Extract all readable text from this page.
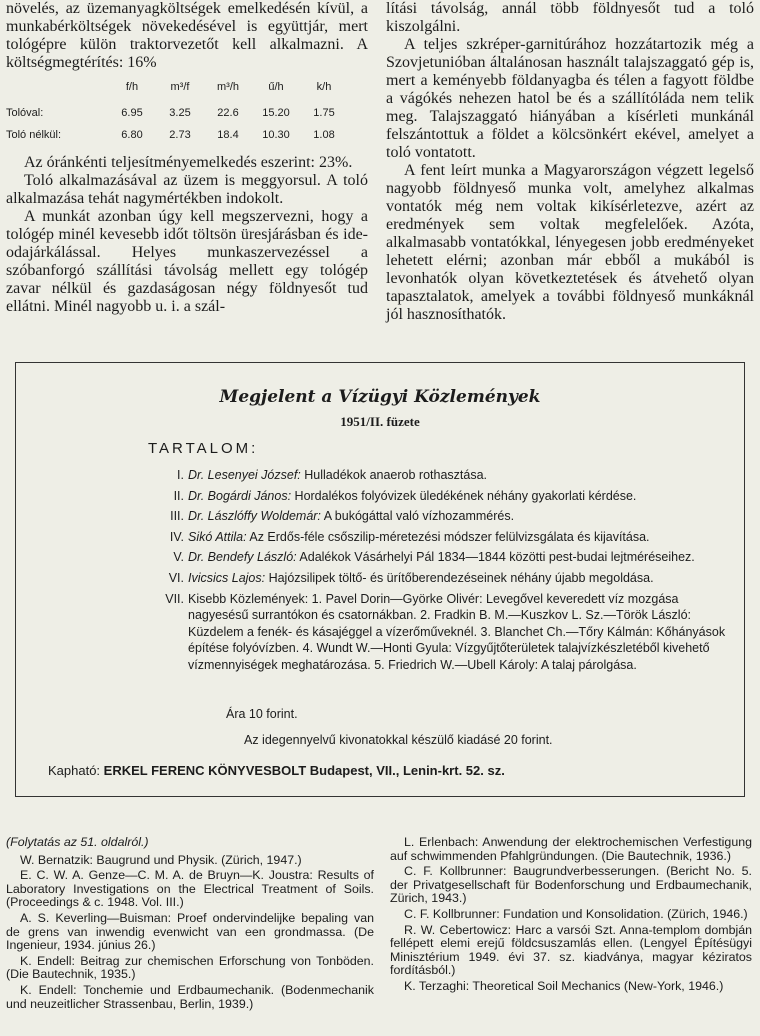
növelés, az üzemanyagköltségek emelkedésén kívül, a munkabérköltségek növekedésével is együttjár, mert tológépre külön traktorvezetőt kell alkalmazni. A költségmegtérítés: 16%

	f/h	m³/f	m³/h	ű/h	k/h
Tolóval:	6.95	3.25	22.6	15.20	1.75
Toló nélkül:	6.80	2.73	18.4	10.30	1.08

Az óránkénti teljesítményemelkedés eszerint: 23%.

Toló alkalmazásával az üzem is meggyorsul. A toló alkalmazása tehát nagymértékben indokolt.

A munkát azonban úgy kell megszervezni, hogy a tológép minél kevesebb időt töltsön üresjárásban és ide-odajárkálással. Helyes munkaszervezéssel a szóbanforgó szállítási távolság mellett egy tológép zavar nélkül és gazdaságosan négy földnyesőt tud ellátni. Minél nagyobb u. i. a szál-

lítási távolság, annál több földnyesőt tud a toló kiszolgálni.

A teljes szkréper-garnitúrához hozzátartozik még a Szovjetunióban általánosan használt talajszaggató gép is, mert a keményebb földanyagba és télen a fagyott földbe a vágókés nehezen hatol be és a szállítóláda nem telik meg. Talajszaggató hiányában a kísérleti munkánál felszántottuk a földet a kölcsönkért ekével, amelyet a toló vontatott.

A fent leírt munka a Magyarországon végzett legelső nagyobb földnyeső munka volt, amelyhez alkalmas vontatók még nem voltak kikísérletezve, azért az eredmények sem voltak megfelelőek. Azóta, alkalmasabb vontatókkal, lényegesen jobb eredményeket lehetett elérni; azonban már ebből a mukából is levonhatók olyan következtetések és átvehető olyan tapasztalatok, amelyek a további földnyeső munkáknál jól hasznosíthatók.

Megjelent a Vízügyi Közlemények
1951/II. füzete
TARTALOM:
I. Dr. Lesenyei József: Hulladékok anaerob rothasztása.
II. Dr. Bogárdi János: Hordalékos folyóvizek üledékének néhány gyakorlati kérdése.
III. Dr. Lászlóffy Woldemár: A bukógáttal való vízhozammérés.
IV. Sikó Attila: Az Erdős-féle csőszilip-méretezési módszer felülvizsgálata és kijavítása.
V. Dr. Bendefy László: Adalékok Vásárhelyi Pál 1834—1844 közötti pest-budai lejtméréseihez.
VI. Ivicsics Lajos: Hajózsilipek töltő- és ürítőberendezéseinek néhány újabb megoldása.
VII. Kisebb Közlemények: 1. Pavel Dorin—Györke Olivér: Levegővel keveredett víz mozgása nagyesésű surrantókon és csatornákban. 2. Fradkin B. M.—Kuszkov L. Sz.—Török László: Küzdelem a fenék- és kásajéggel a vízerőműveknél. 3. Blanchet Ch.—Tőry Kálmán: Kőhányások építése folyóvízben. 4. Wundt W.—Honti Gyula: Vízgyűjtőterületek talajvízkészletéből kivehető vízmennyiségek meghatározása. 5. Friedrich W.—Ubell Károly: A talaj párolgása.
Ára 10 forint.
Az idegennyelvű kivonatokkal készülő kiadásé 20 forint.
Kapható: ERKEL FERENC KÖNYVESBOLT Budapest, VII., Lenin-krt. 52. sz.

(Folytatás az 51. oldalról.)

W. Bernatzik: Baugrund und Physik. (Zürich, 1947.)

E. C. W. A. Genze—C. M. A. de Bruyn—K. Joustra: Results of Laboratory Investigations on the Electrical Treatment of Soils. (Proceedings & c. 1948. Vol. III.)

A. S. Keverling—Buisman: Proef ondervindelijke bepaling van de grens van inwendig evenwicht van een grondmassa. (De Ingenieur, 1934. június 26.)

K. Endell: Beitrag zur chemischen Erforschung von Tonböden. (Die Bautechnik, 1935.)

K. Endell: Tonchemie und Erdbaumechanik. (Bodenmechanik und neuzeitlicher Strassenbau, Berlin, 1939.)

L. Erlenbach: Anwendung der elektrochemischen Verfestigung auf schwimmenden Pfahlgründungen. (Die Bautechnik, 1936.)

C. F. Kollbrunner: Baugrundverbesserungen. (Bericht No. 5. der Privatgesellschaft für Bodenforschung und Erdbaumechanik, Zürich, 1943.)

C. F. Kollbrunner: Fundation und Konsolidation. (Zürich, 1946.)

R. W. Cebertowicz: Harc a varsói Szt. Anna-templom dombján fellépett elemi erejű földcsuszamlás ellen. (Lengyel Építésügyi Minisztérium 1949. évi 37. sz. kiadványa, magyar kéziratos fordításból.)

K. Terzaghi: Theoretical Soil Mechanics (New-York, 1946.)
